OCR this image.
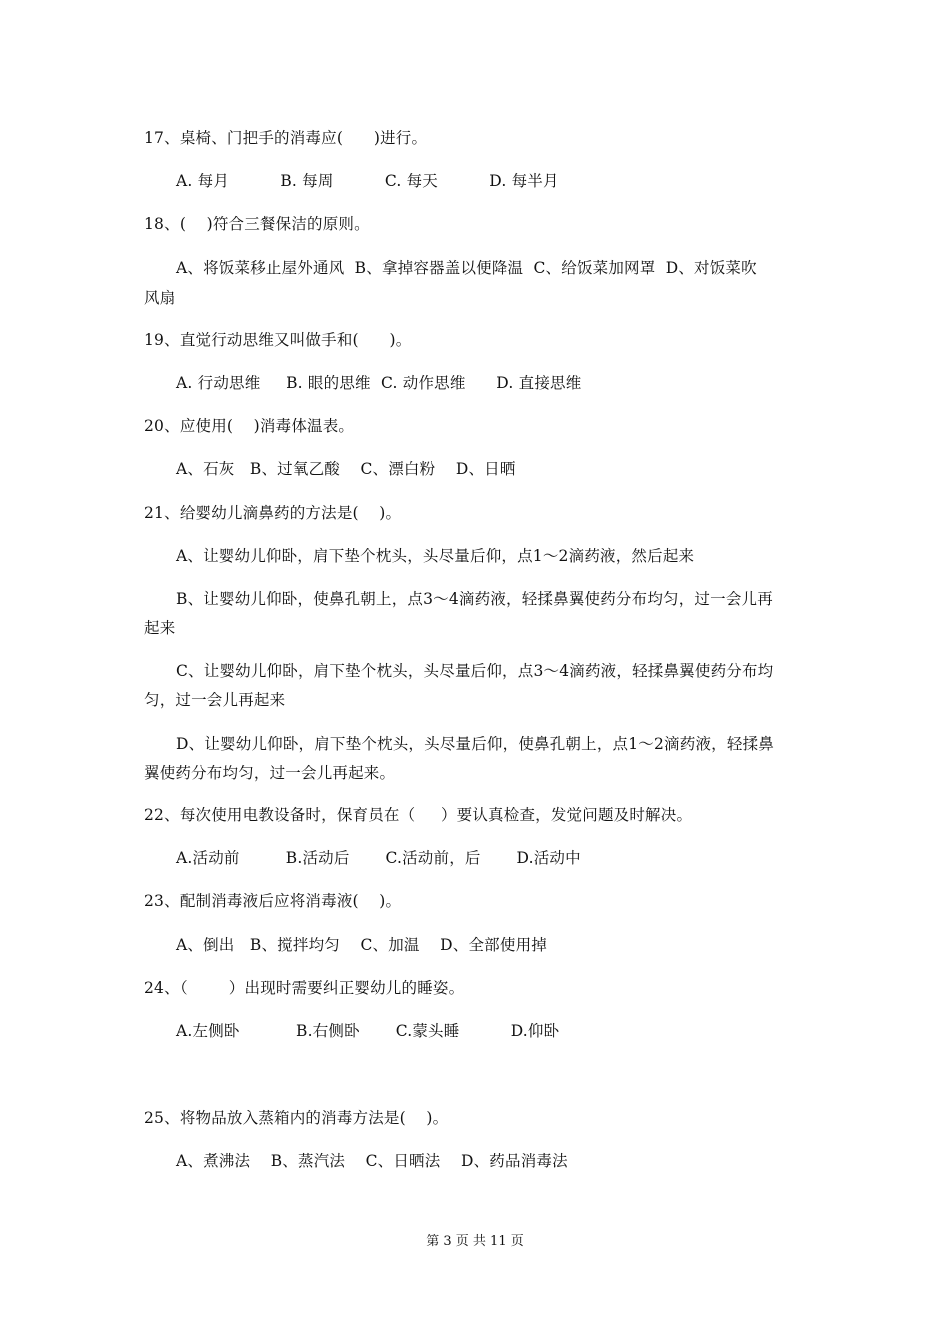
17、桌椅、门把手的消毒应(      )进行。
A. 每月          B. 每周          C. 每天          D. 每半月
18、(    )符合三餐保洁的原则。
A、将饭菜移止屋外通风  B、拿掉容器盖以便降温  C、给饭菜加网罩  D、对饭菜吹
风扇
19、直觉行动思维又叫做手和(      )。
A. 行动思维     B. 眼的思维  C. 动作思维      D. 直接思维
20、应使用(    )消毒体温表。
A、石灰   B、过氧乙酸    C、漂白粉    D、日晒
21、给婴幼儿滴鼻药的方法是(    )。
A、让婴幼儿仰卧，肩下垫个枕头，头尽量后仰，点1～2滴药液，然后起来
B、让婴幼儿仰卧，使鼻孔朝上，点3～4滴药液，轻揉鼻翼使药分布均匀，过一会儿再
起来
C、让婴幼儿仰卧，肩下垫个枕头，头尽量后仰，点3～4滴药液，轻揉鼻翼使药分布均
匀，过一会儿再起来
D、让婴幼儿仰卧，肩下垫个枕头，头尽量后仰，使鼻孔朝上，点1～2滴药液，轻揉鼻
翼使药分布均匀，过一会儿再起来。
22、每次使用电教设备时，保育员在（     ）要认真检查，发觉问题及时解决。
A.活动前         B.活动后       C.活动前，后       D.活动中
23、配制消毒液后应将消毒液(    )。
A、倒出   B、搅拌均匀    C、加温    D、全部使用掉
24、（        ）出现时需要纠正婴幼儿的睡姿。
A.左侧卧           B.右侧卧       C.蒙头睡          D.仰卧
25、将物品放入蒸箱内的消毒方法是(    )。
A、煮沸法    B、蒸汽法    C、日晒法    D、药品消毒法
第 3 页 共 11 页
